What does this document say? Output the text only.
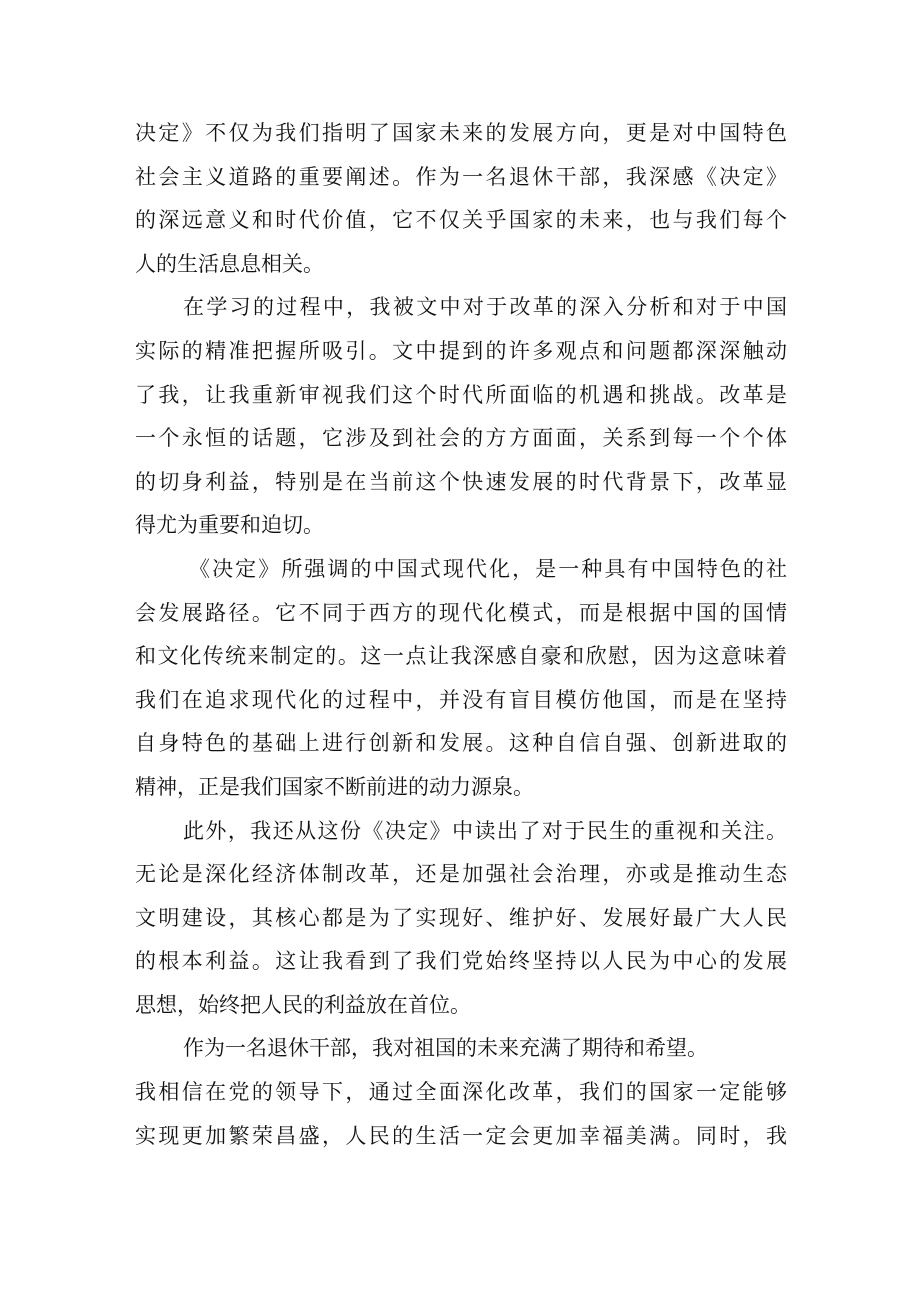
决定》不仅为我们指明了国家未来的发展方向，更是对中国特色
社会主义道路的重要阐述。作为一名退休干部，我深感《决定》
的深远意义和时代价值，它不仅关乎国家的未来，也与我们每个
人的生活息息相关。
在学习的过程中，我被文中对于改革的深入分析和对于中国
实际的精准把握所吸引。文中提到的许多观点和问题都深深触动
了我，让我重新审视我们这个时代所面临的机遇和挑战。改革是
一个永恒的话题，它涉及到社会的方方面面，关系到每一个个体
的切身利益，特别是在当前这个快速发展的时代背景下，改革显
得尤为重要和迫切。
《决定》所强调的中国式现代化，是一种具有中国特色的社
会发展路径。它不同于西方的现代化模式，而是根据中国的国情
和文化传统来制定的。这一点让我深感自豪和欣慰，因为这意味着
我们在追求现代化的过程中，并没有盲目模仿他国，而是在坚持
自身特色的基础上进行创新和发展。这种自信自强、创新进取的
精神，正是我们国家不断前进的动力源泉。
此外，我还从这份《决定》中读出了对于民生的重视和关注。
无论是深化经济体制改革，还是加强社会治理，亦或是推动生态
文明建设，其核心都是为了实现好、维护好、发展好最广大人民
的根本利益。这让我看到了我们党始终坚持以人民为中心的发展
思想，始终把人民的利益放在首位。
作为一名退休干部，我对祖国的未来充满了期待和希望。
我相信在党的领导下，通过全面深化改革，我们的国家一定能够
实现更加繁荣昌盛，人民的生活一定会更加幸福美满。同时，我
